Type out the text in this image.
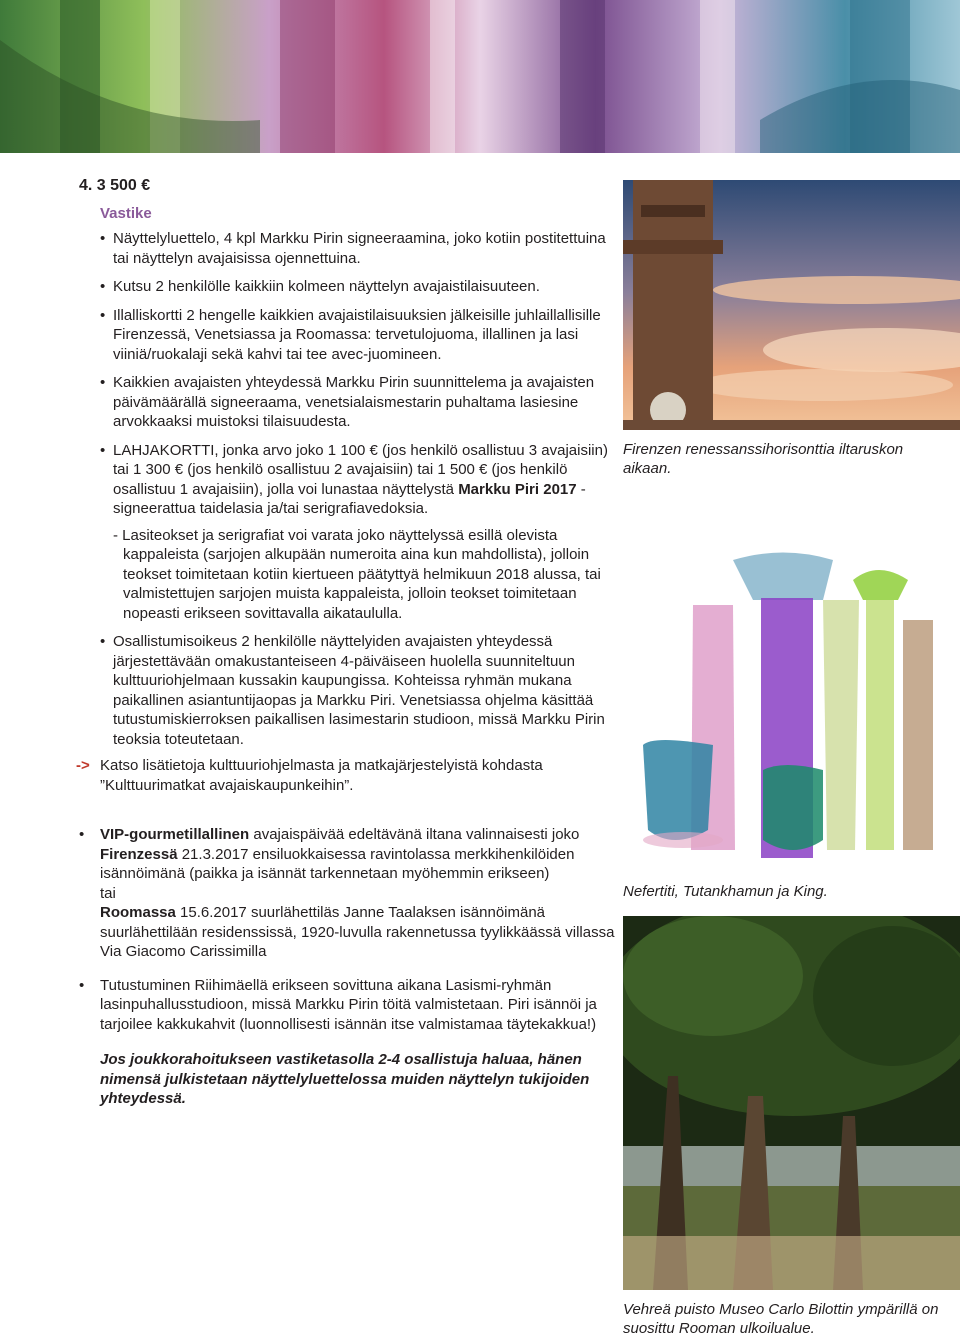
Firenzen renessanssihorisonttia iltaruskon aikaan.
Nefertiti, Tutankhamun ja King.
Vehreä puisto Museo Carlo Bilottin ympärillä on suosittu Rooman ulkoilualue.
4. 3 500 €
Vastike
• Näyttelyluettelo, 4 kpl Markku Pirin signeeraamina, joko kotiin postitettuina tai näyttelyn avajaisissa ojennettuina.
• Kutsu 2 henkilölle kaikkiin kolmeen näyttelyn avajaistilaisuuteen.
• Illalliskortti 2 hengelle kaikkien avajaistilaisuuksien jälkeisille juhlaillallisille Firenzessä, Venetsiassa ja Roomassa: tervetulojuoma, illallinen ja lasi viiniä/ruokalaji sekä kahvi tai tee avec-juomineen.
• Kaikkien avajaisten yhteydessä Markku Pirin suunnittelema ja avajaisten päivämäärällä signeeraama, venetsialaismestarin puhaltama lasiesine arvokkaaksi muistoksi tilaisuudesta.
• LAHJAKORTTI, jonka arvo joko 1 100 € (jos henkilö osallistuu 3 avajaisiin) tai 1 300 € (jos henkilö osallistuu 2 avajaisiin) tai 1 500 € (jos henkilö osallistuu 1 avajaisiin), jolla voi lunastaa näyttelystä Markku Piri 2017 -signeerattua taidelasia ja/tai serigrafiavedoksia.
- Lasiteokset ja serigrafiat voi varata joko näyttelyssä esillä olevista kappaleista (sarjojen alkupään numeroita aina kun mahdollista), jolloin teokset toimitetaan kotiin kiertueen päätyttyä helmikuun 2018 alussa, tai valmistettujen sarjojen muista kappaleista, jolloin teokset toimitetaan nopeasti erikseen sovittavalla aikataululla.
• Osallistumisoikeus 2 henkilölle näyttelyiden avajaisten yhteydessä järjestettävään omakustanteiseen 4-päiväiseen huolella suunniteltuun kulttuuriohjelmaan kussakin kaupungissa. Kohteissa ryhmän mukana paikallinen asiantuntijaopas ja Markku Piri. Venetsiassa ohjelma käsittää tutustumiskierroksen paikallisen lasimestarin studioon, missä Markku Pirin teoksia toteutetaan.
-> Katso lisätietoja kulttuuriohjelmasta ja matkajärjestelyistä kohdasta ”Kulttuurimatkat avajaiskaupunkeihin”.
• VIP-gourmetillallinen avajaispäivää edeltävänä iltana valinnaisesti joko
Firenzessä 21.3.2017 ensiluokkaisessa ravintolassa merkkihenkilöiden isännöimänä (paikka ja isännät tarkennetaan myöhemmin erikseen)
tai
Roomassa 15.6.2017 suurlähettiläs Janne Taalaksen isännöimänä suurlähettilään residenssissä, 1920-luvulla rakennetussa tyylikkäässä villassa Via Giacomo Carissimilla
• Tutustuminen Riihimäellä erikseen sovittuna aikana Lasismi-ryhmän lasinpuhallusstudioon, missä Markku Pirin töitä valmistetaan. Piri isännöi ja tarjoilee kakkukahvit (luonnollisesti isännän itse valmistamaa täytekakkua!)
Jos joukkorahoitukseen vastiketasolla 2-4 osallistuja haluaa, hänen nimensä julkistetaan näyttelyluettelossa muiden näyttelyn tukijoiden yhteydessä.
